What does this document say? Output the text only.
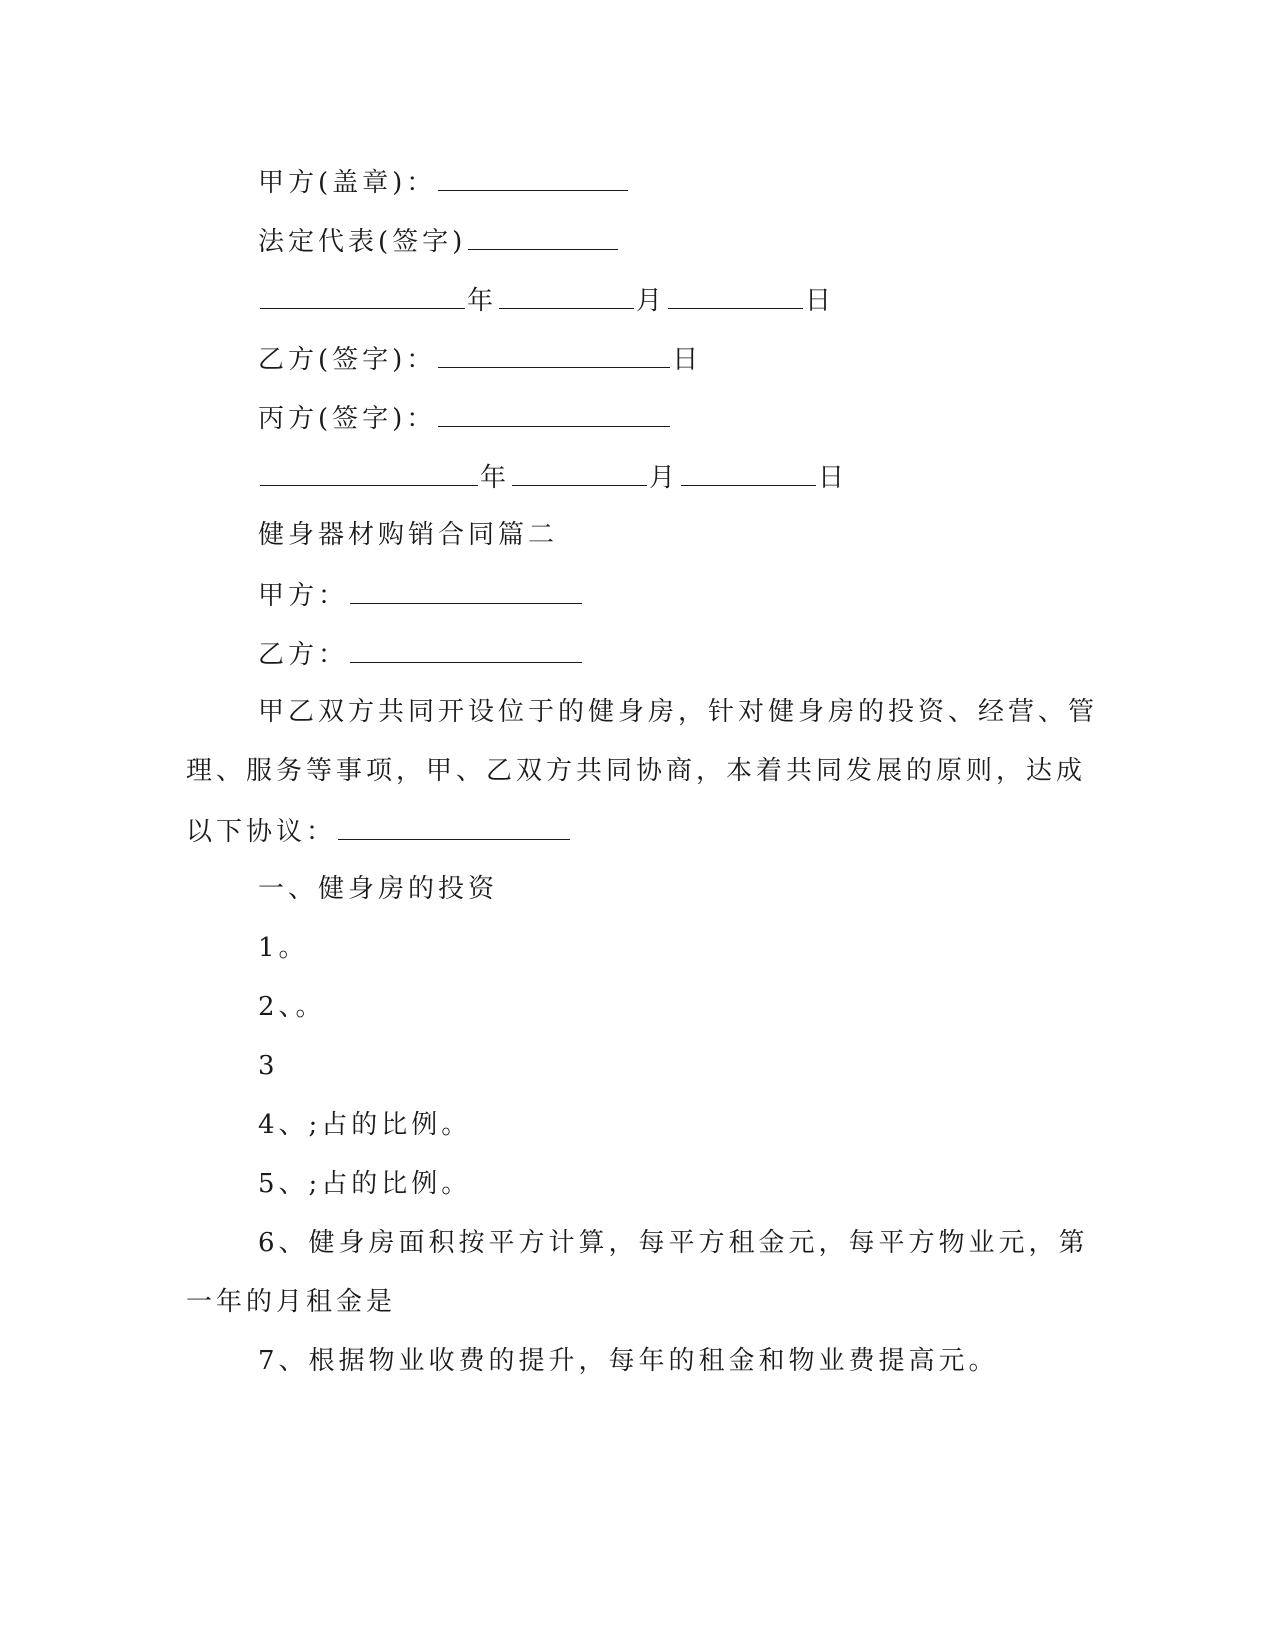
甲方(盖章)：
法定代表(签字)
年	月	日
乙方(签字)：	日
丙方(签字)：
年	月	日
健身器材购销合同篇二
甲方：
乙方：
甲乙双方共同开设位于的健身房，针对健身房的投资、经营、管
理、服务等事项，甲、乙双方共同协商，本着共同发展的原则，达成
以下协议：
一、健身房的投资
1。
2、。
3
4、;占的比例。
5、;占的比例。
6、健身房面积按平方计算，每平方租金元，每平方物业元，第
一年的月租金是
7、根据物业收费的提升，每年的租金和物业费提高元。
